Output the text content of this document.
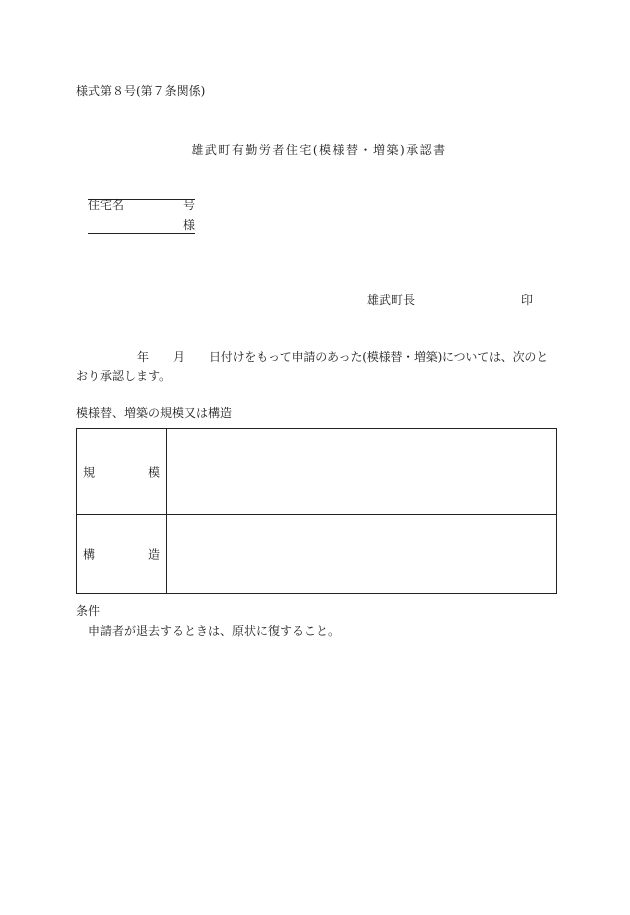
様式第８号(第７条関係)
雄武町有勤労者住宅(模様替・増築)承認書
住宅名	号
様
雄武町長	印
年 月 日付けをもって申請のあった(模様替・増築)については、次のと
おり承認します。
模様替、増築の規模又は構造
規 模	

構 造	

条件
申請者が退去するときは、原状に復すること。
